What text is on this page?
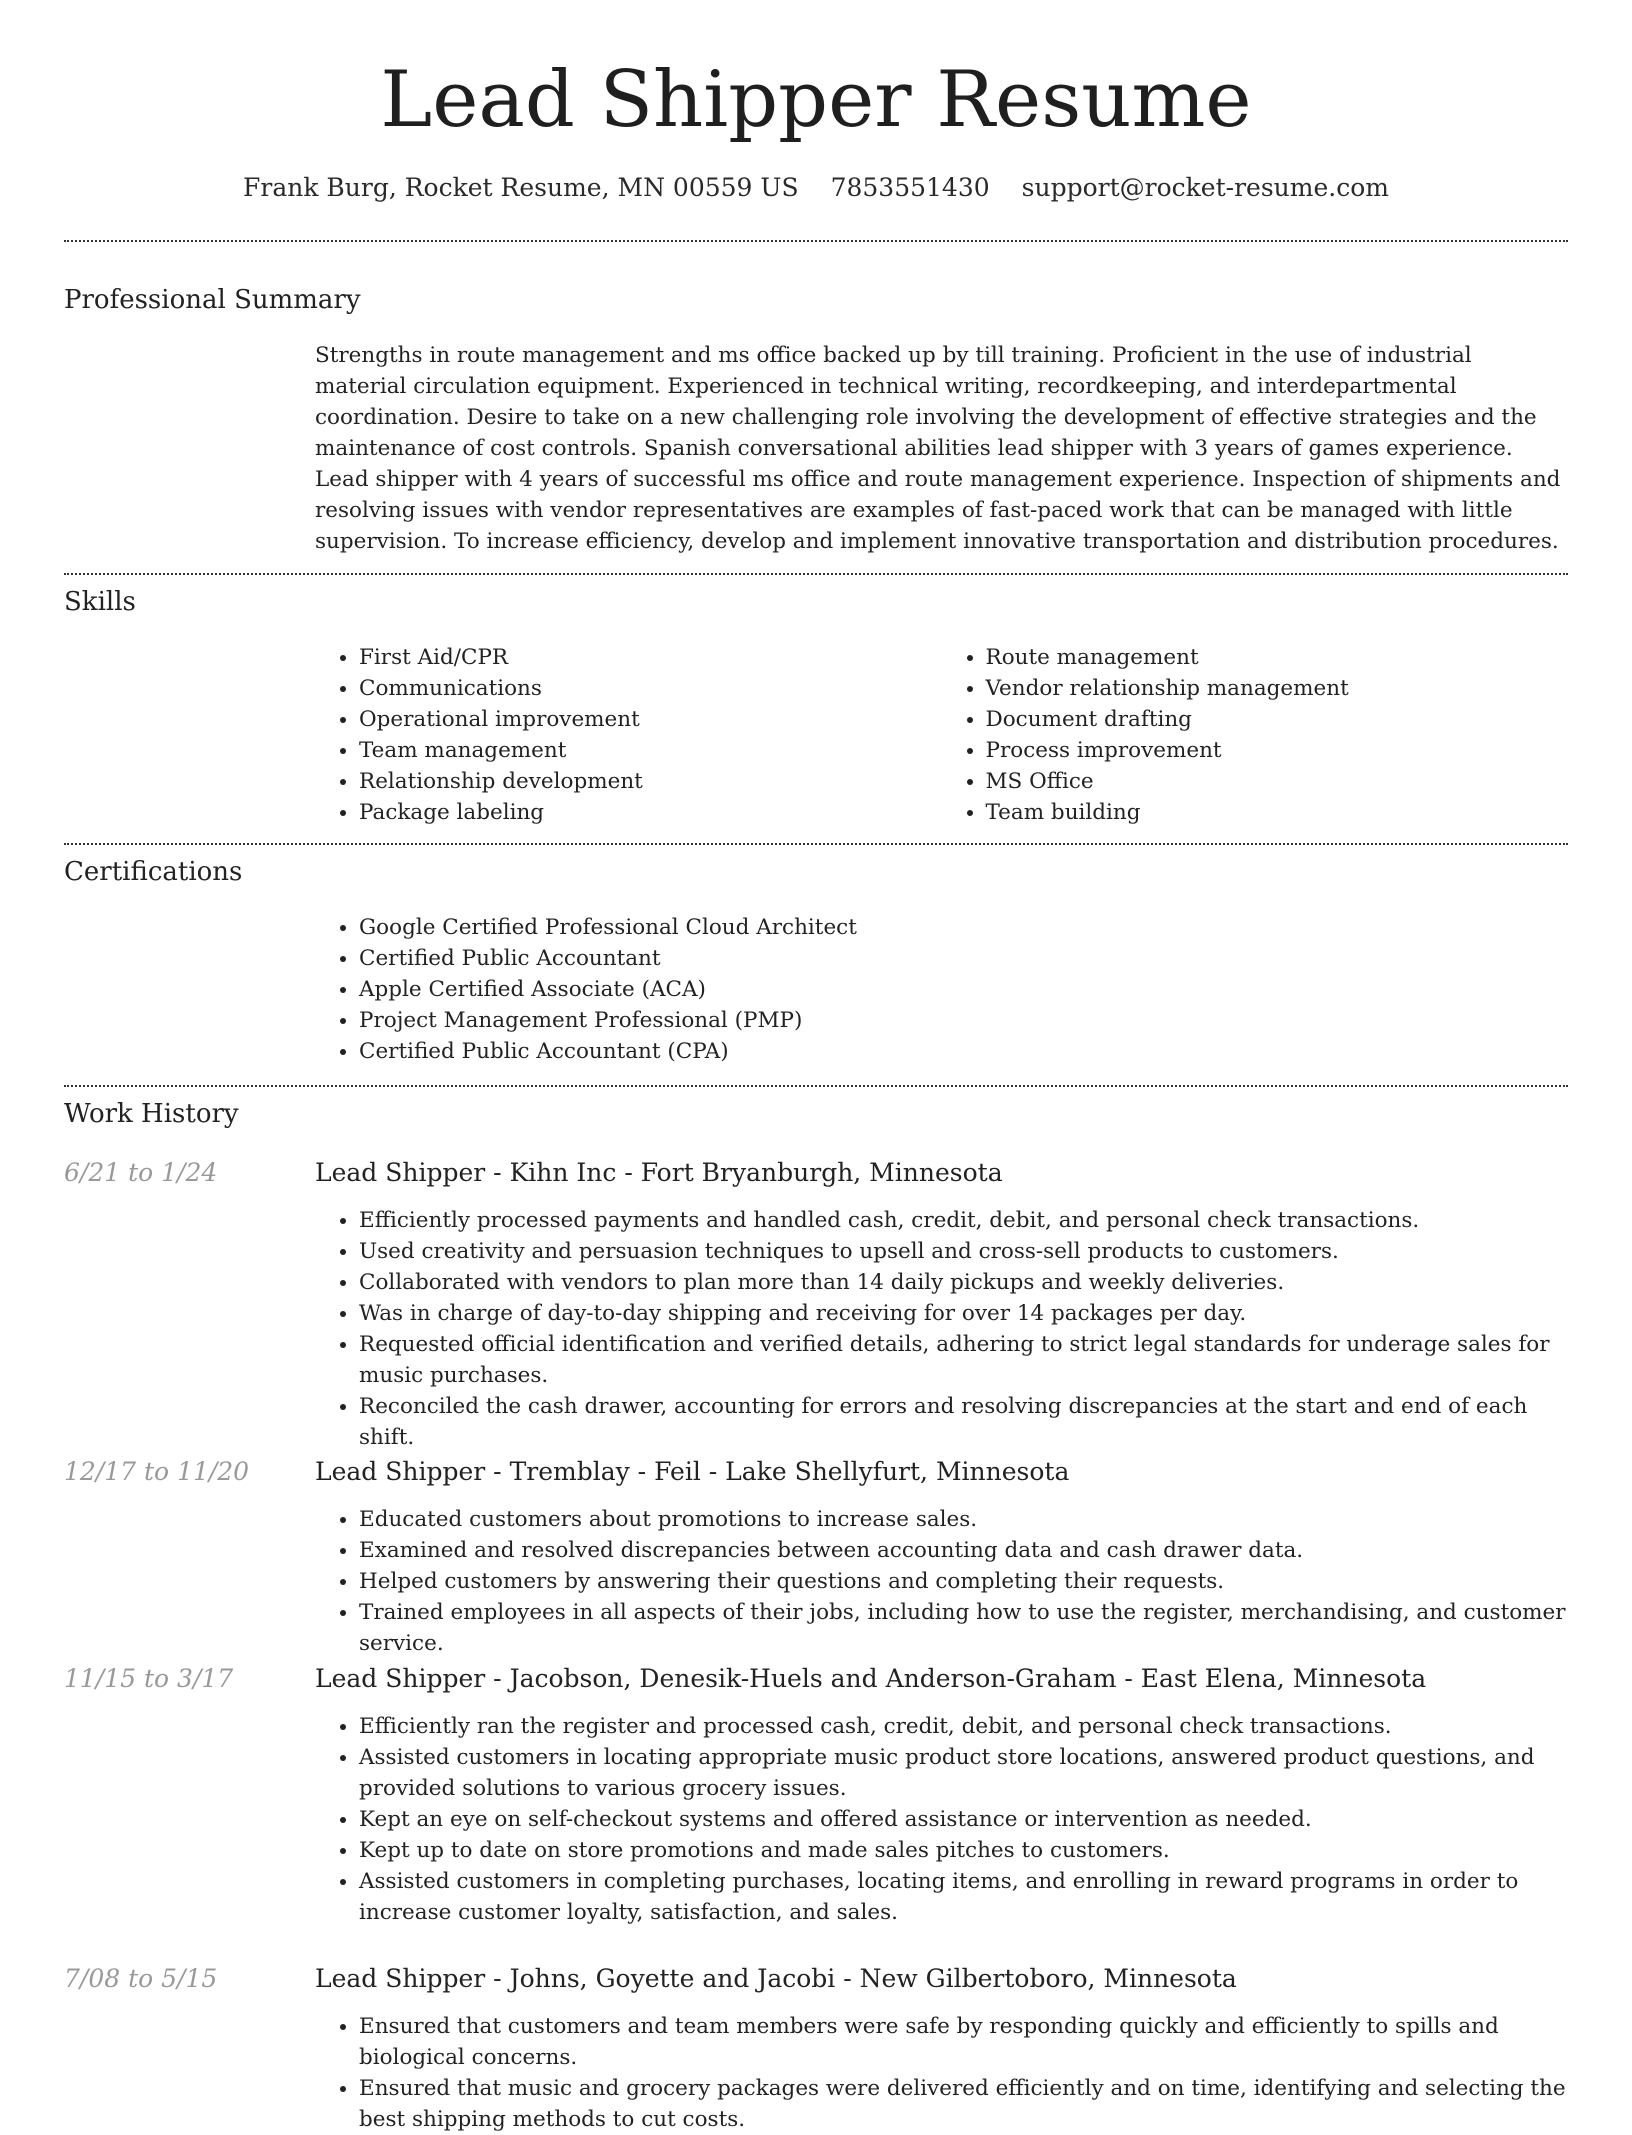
Lead Shipper Resume
Frank Burg, Rocket Resume, MN 00559 US 7853551430 support@rocket-resume.com
Professional Summary

Strengths in route management and ms office backed up by till training. Proficient in the use of industrial material circulation equipment. Experienced in technical writing, recordkeeping, and interdepartmental coordination. Desire to take on a new challenging role involving the development of effective strategies and the maintenance of cost controls. Spanish conversational abilities lead shipper with 3 years of games experience. Lead shipper with 4 years of successful ms office and route management experience. Inspection of shipments and resolving issues with vendor representatives are examples of fast-paced work that can be managed with little supervision. To increase efficiency, develop and implement innovative transportation and distribution procedures.

Skills
• First Aid/CPR
• Communications
• Operational improvement
• Team management
• Relationship development
• Package labeling
• Route management
• Vendor relationship management
• Document drafting
• Process improvement
• MS Office
• Team building
Certifications
• Google Certified Professional Cloud Architect
• Certified Public Accountant
• Apple Certified Associate (ACA)
• Project Management Professional (PMP)
• Certified Public Accountant (CPA)
Work History
6/21 to 1/24	Lead Shipper - Kihn Inc - Fort Bryanburgh, Minnesota
• Efficiently processed payments and handled cash, credit, debit, and personal check transactions.
• Used creativity and persuasion techniques to upsell and cross-sell products to customers.
• Collaborated with vendors to plan more than 14 daily pickups and weekly deliveries.
• Was in charge of day-to-day shipping and receiving for over 14 packages per day.
• Requested official identification and verified details, adhering to strict legal standards for underage sales for music purchases.
• Reconciled the cash drawer, accounting for errors and resolving discrepancies at the start and end of each shift.
12/17 to 11/20	Lead Shipper - Tremblay - Feil - Lake Shellyfurt, Minnesota
• Educated customers about promotions to increase sales.
• Examined and resolved discrepancies between accounting data and cash drawer data.
• Helped customers by answering their questions and completing their requests.
• Trained employees in all aspects of their jobs, including how to use the register, merchandising, and customer service.
11/15 to 3/17	Lead Shipper - Jacobson, Denesik-Huels and Anderson-Graham - East Elena, Minnesota
• Efficiently ran the register and processed cash, credit, debit, and personal check transactions.
• Assisted customers in locating appropriate music product store locations, answered product questions, and provided solutions to various grocery issues.
• Kept an eye on self-checkout systems and offered assistance or intervention as needed.
• Kept up to date on store promotions and made sales pitches to customers.
• Assisted customers in completing purchases, locating items, and enrolling in reward programs in order to increase customer loyalty, satisfaction, and sales.
7/08 to 5/15	Lead Shipper - Johns, Goyette and Jacobi - New Gilbertoboro, Minnesota
• Ensured that customers and team members were safe by responding quickly and efficiently to spills and biological concerns.
• Ensured that music and grocery packages were delivered efficiently and on time, identifying and selecting the best shipping methods to cut costs.
